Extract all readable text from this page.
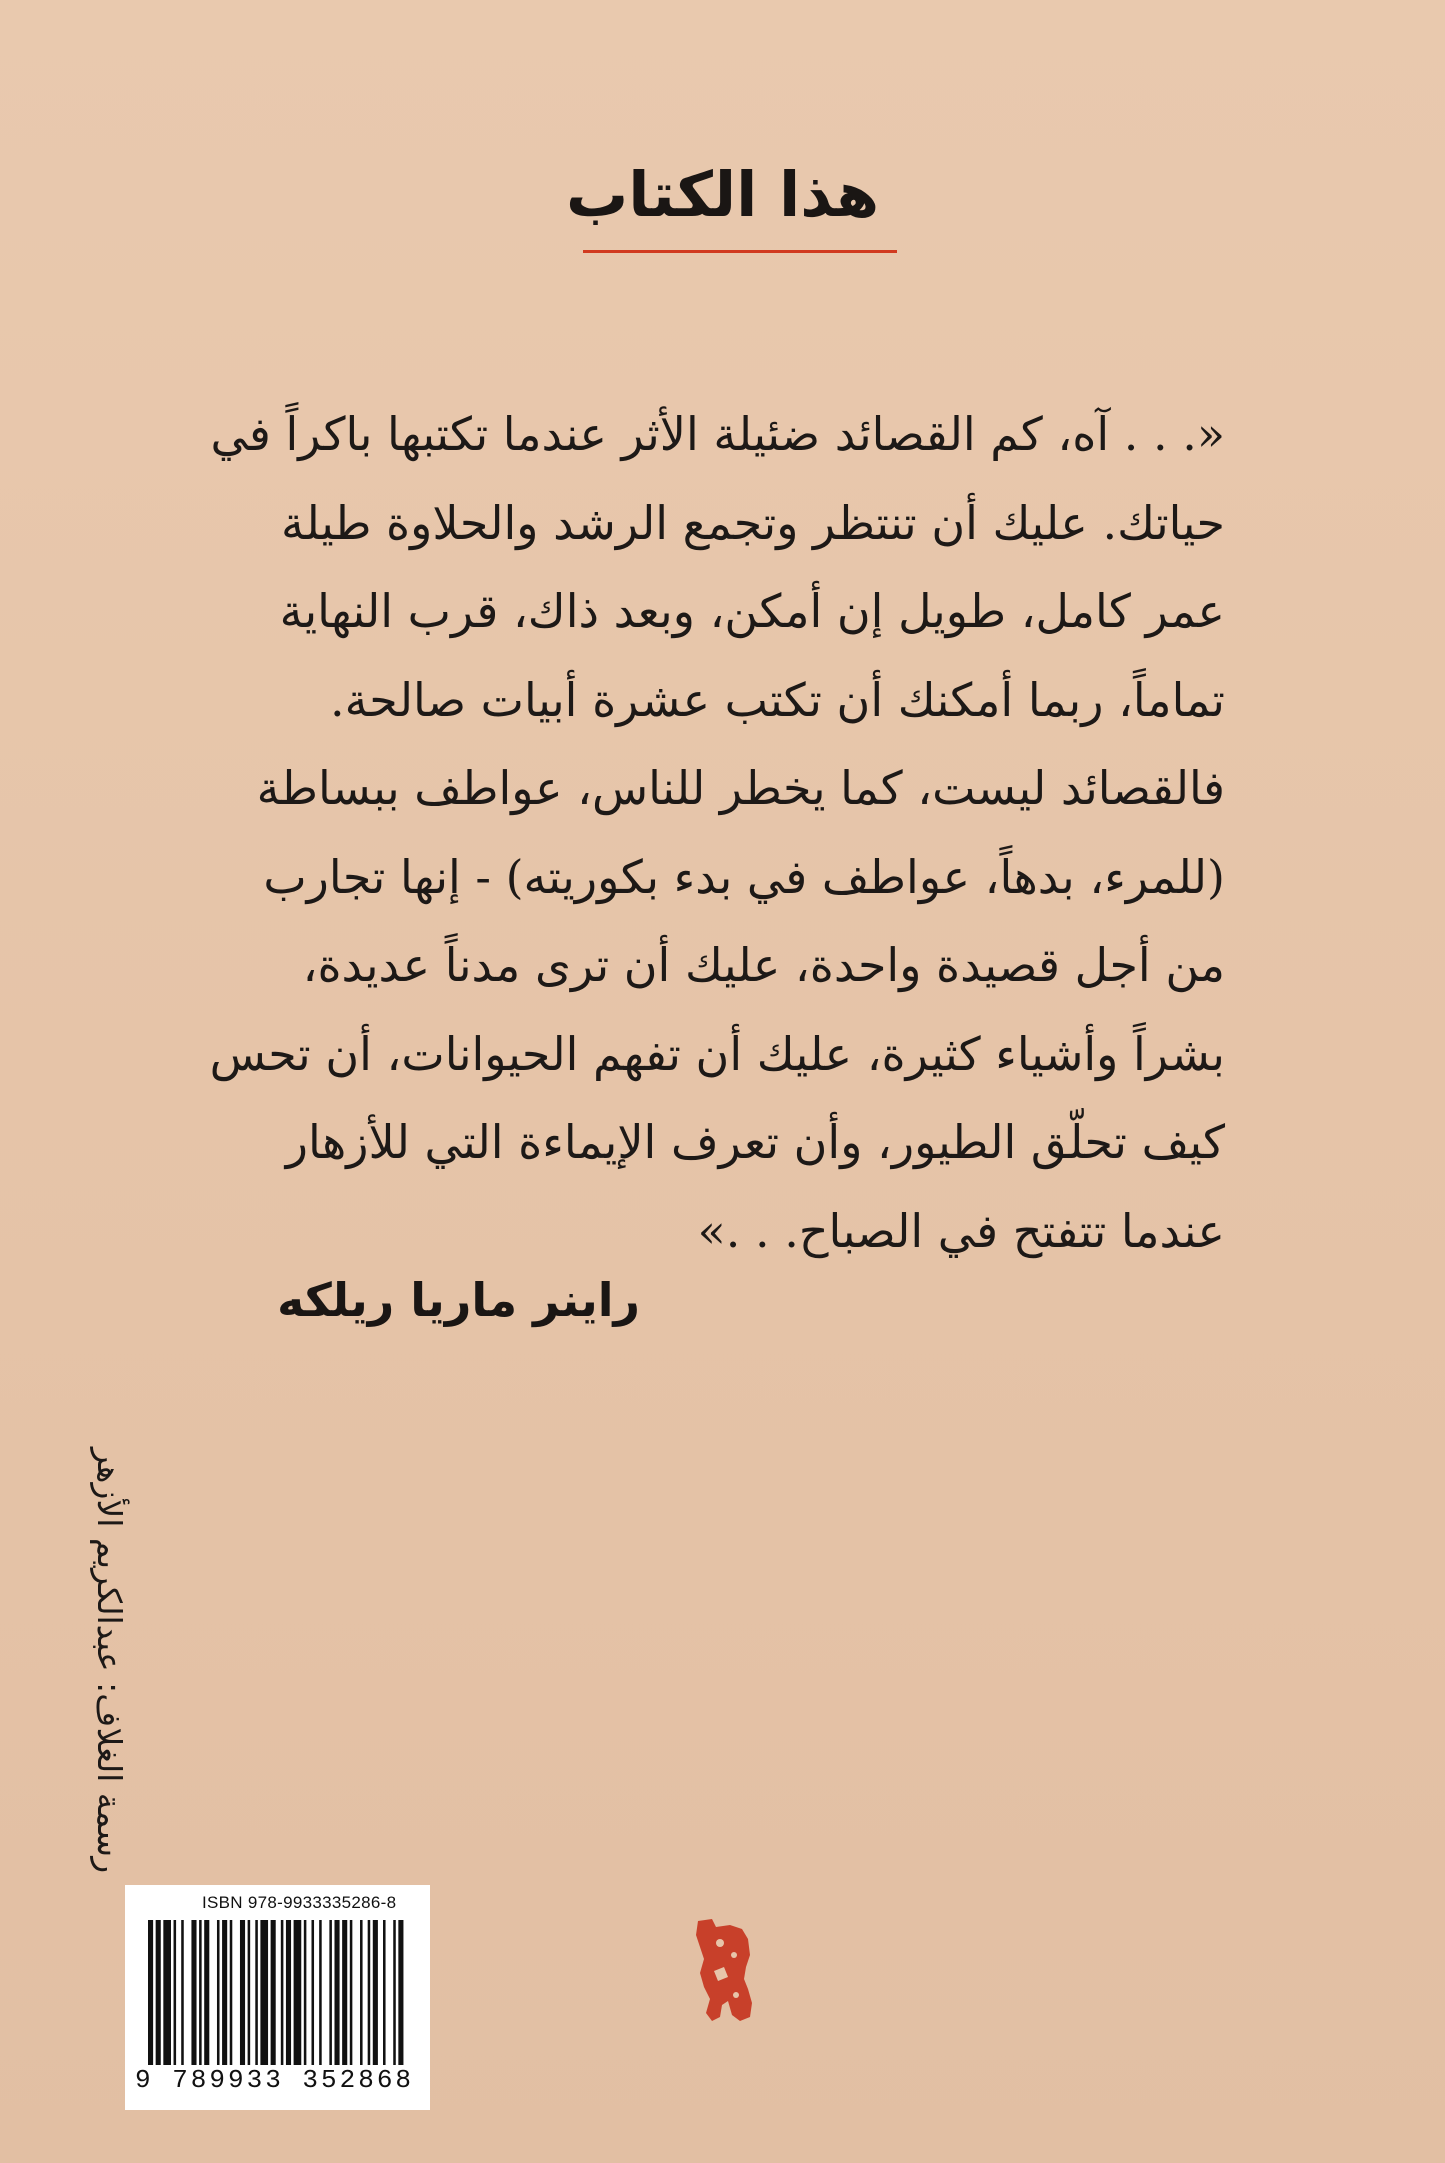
هذا الكتاب
«. . . آه، كم القصائد ضئيلة الأثر عندما تكتبها باكراً في
حياتك. عليك أن تنتظر وتجمع الرشد والحلاوة طيلة
عمر كامل، طويل إن أمكن، وبعد ذاك، قرب النهاية
تماماً، ربما أمكنك أن تكتب عشرة أبيات صالحة.
فالقصائد ليست، كما يخطر للناس، عواطف ببساطة
(للمرء، بدهاً، عواطف في بدء بكوريته) - إنها تجارب
من أجل قصيدة واحدة، عليك أن ترى مدناً عديدة،
بشراً وأشياء كثيرة، عليك أن تفهم الحيوانات، أن تحس
كيف تحلّق الطيور، وأن تعرف الإيماءة التي للأزهار
عندما تتفتح في الصباح. . .»
راينر ماريا ريلكه
رسمة الغلاف: عبدالكريم الأزهر
ISBN 978-9933335286-8
9 789933 352868
